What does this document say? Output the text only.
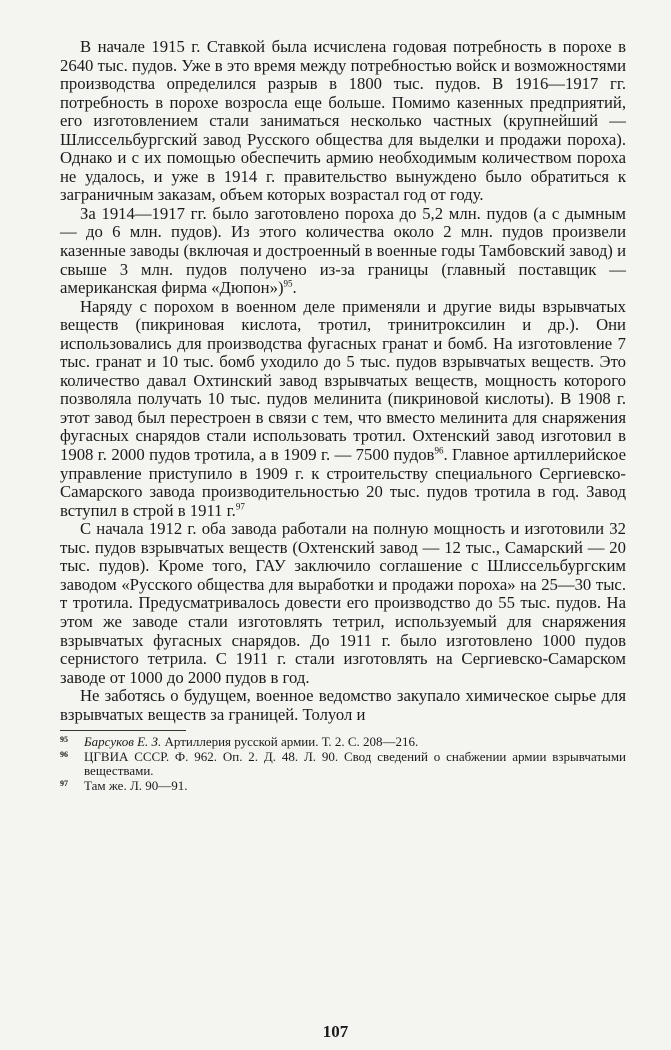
В начале 1915 г. Ставкой была исчислена годовая потребность в порохе в 2640 тыс. пудов. Уже в это время между потребностью войск и возможностями производства определился разрыв в 1800 тыс. пудов. В 1916—1917 гг. потребность в порохе возросла еще больше. Помимо казенных предприятий, его изготовлением стали заниматься несколько частных (крупнейший — Шлиссельбургский завод Русского общества для выделки и продажи пороха). Однако и с их помощью обеспечить армию необходимым количеством пороха не удалось, и уже в 1914 г. правительство вынуждено было обратиться к заграничным заказам, объем которых возрастал год от году.

За 1914—1917 гг. было заготовлено пороха до 5,2 млн. пудов (а с дымным — до 6 млн. пудов). Из этого количества около 2 млн. пудов произвели казенные заводы (включая и достроенный в военные годы Тамбовский завод) и свыше 3 млн. пудов получено из-за границы (главный поставщик — американская фирма «Дюпон»)$^{95}$.

Наряду с порохом в военном деле применяли и другие виды взрывчатых веществ (пикриновая кислота, тротил, тринитроксилин и др.). Они использовались для производства фугасных гранат и бомб. На изготовление 7 тыс. гранат и 10 тыс. бомб уходило до 5 тыс. пудов взрывчатых веществ. Это количество давал Охтинский завод взрывчатых веществ, мощность которого позволяла получать 10 тыс. пудов мелинита (пикриновой кислоты). В 1908 г. этот завод был перестроен в связи с тем, что вместо мелинита для снаряжения фугасных снарядов стали использовать тротил. Охтенский завод изготовил в 1908 г. 2000 пудов тротила, а в 1909 г. — 7500 пудов$^{96}$. Главное артиллерийское управление приступило в 1909 г. к строительству специального Сергиевско-Самарского завода производительностью 20 тыс. пудов тротила в год. Завод вступил в строй в 1911 г.$^{97}$

С начала 1912 г. оба завода работали на полную мощность и изготовили 32 тыс. пудов взрывчатых веществ (Охтенский завод — 12 тыс., Самарский — 20 тыс. пудов). Кроме того, ГАУ заключило соглашение с Шлиссельбургским заводом «Русского общества для выработки и продажи пороха» на 25—30 тыс. т тротила. Предусматривалось довести его производство до 55 тыс. пудов. На этом же заводе стали изготовлять тетрил, используемый для снаряжения взрывчатых фугасных снарядов. До 1911 г. было изготовлено 1000 пудов сернистого тетрила. С 1911 г. стали изготовлять на Сергиевско-Самарском заводе от 1000 до 2000 пудов в год.

Не заботясь о будущем, военное ведомство закупало химическое сырье для взрывчатых веществ за границей. Толуол и

95 Барсуков Е. З. Артиллерия русской армии. Т. 2. С. 208—216.

96 ЦГВИА СССР. Ф. 962. Оп. 2. Д. 48. Л. 90. Свод сведений о снабжении армии взрывчатыми веществами.

97 Там же. Л. 90—91.

107
